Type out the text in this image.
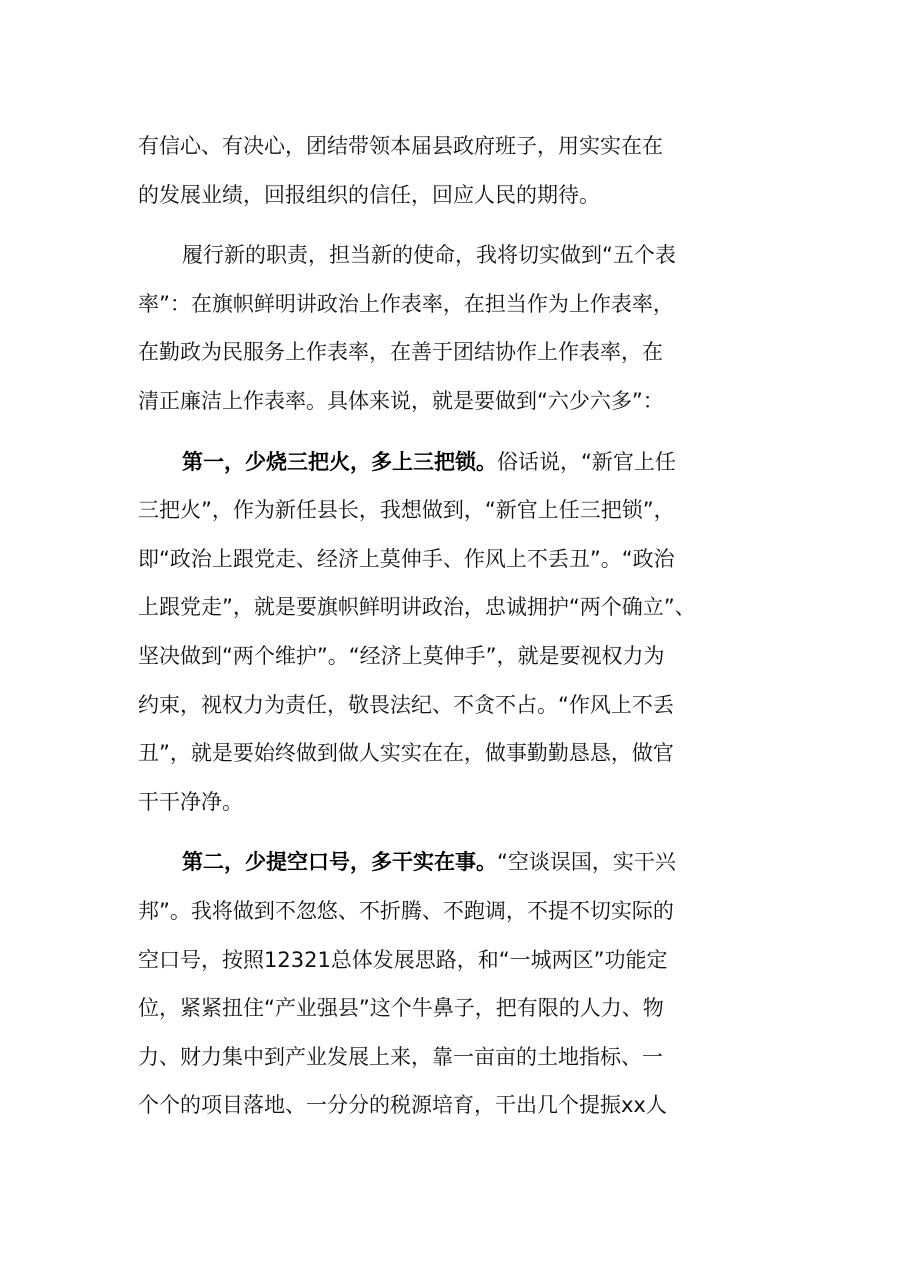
有信心、有决心，团结带领本届县政府班子，用实实在在
的发展业绩，回报组织的信任，回应人民的期待。
履行新的职责，担当新的使命，我将切实做到“五个表
率”：在旗帜鲜明讲政治上作表率，在担当作为上作表率，
在勤政为民服务上作表率，在善于团结协作上作表率，在
清正廉洁上作表率。具体来说，就是要做到“六少六多”：
第一，少烧三把火，多上三把锁。俗话说，“新官上任
三把火”，作为新任县长，我想做到，“新官上任三把锁”，
即“政治上跟党走、经济上莫伸手、作风上不丢丑”。“政治
上跟党走”，就是要旗帜鲜明讲政治，忠诚拥护“两个确立”、
坚决做到“两个维护”。“经济上莫伸手”，就是要视权力为
约束，视权力为责任，敬畏法纪、不贪不占。“作风上不丢
丑”，就是要始终做到做人实实在在，做事勤勤恳恳，做官
干干净净。
第二，少提空口号，多干实在事。“空谈误国，实干兴
邦”。我将做到不忽悠、不折腾、不跑调，不提不切实际的
空口号，按照12321总体发展思路，和“一城两区”功能定
位，紧紧扭住“产业强县”这个牛鼻子，把有限的人力、物
力、财力集中到产业发展上来，靠一亩亩的土地指标、一
个个的项目落地、一分分的税源培育，干出几个提振xx人
